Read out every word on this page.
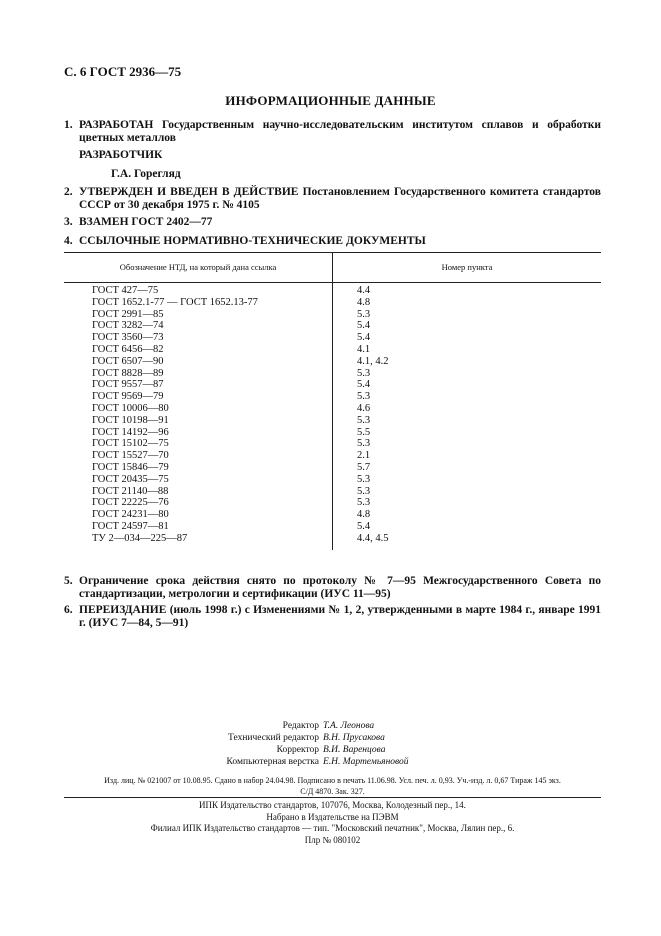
С. 6 ГОСТ 2936—75
ИНФОРМАЦИОННЫЕ ДАННЫЕ
1. РАЗРАБОТАН Государственным научно-исследовательским институтом сплавов и обработки цветных металлов
РАЗРАБОТЧИК
Г.А. Горегляд
2. УТВЕРЖДЕН И ВВЕДЕН В ДЕЙСТВИЕ Постановлением Государственного комитета стандартов СССР от 30 декабря 1975 г. № 4105
3. ВЗАМЕН ГОСТ 2402—77
4. ССЫЛОЧНЫЕ НОРМАТИВНО-ТЕХНИЧЕСКИЕ ДОКУМЕНТЫ
Обозначение НТД, на который дана ссылка	Номер пункта
ГОСТ 427—75	4.4
ГОСТ 1652.1-77 — ГОСТ 1652.13-77	4.8
ГОСТ 2991—85	5.3
ГОСТ 3282—74	5.4
ГОСТ 3560—73	5.4
ГОСТ 6456—82	4.1
ГОСТ 6507—90	4.1, 4.2
ГОСТ 8828—89	5.3
ГОСТ 9557—87	5.4
ГОСТ 9569—79	5.3
ГОСТ 10006—80	4.6
ГОСТ 10198—91	5.3
ГОСТ 14192—96	5.5
ГОСТ 15102—75	5.3
ГОСТ 15527—70	2.1
ГОСТ 15846—79	5.7
ГОСТ 20435—75	5.3
ГОСТ 21140—88	5.3
ГОСТ 22225—76	5.3
ГОСТ 24231—80	4.8
ГОСТ 24597—81	5.4
ТУ 2—034—225—87	4.4, 4.5
5. Ограничение срока действия снято по протоколу № 7—95 Межгосударственного Совета по стандартизации, метрологии и сертификации (ИУС 11—95)
6. ПЕРЕИЗДАНИЕ (июль 1998 г.) с Изменениями № 1, 2, утвержденными в марте 1984 г., январе 1991 г. (ИУС 7—84, 5—91)
Редактор Т.А. Леонова
Технический редактор В.Н. Прусакова
Корректор В.И. Варенцова
Компьютерная верстка Е.Н. Мартемьяновой
Изд. лиц. № 021007 от 10.08.95. Сдано в набор 24.04.98. Подписано в печать 11.06.98. Усл. печ. л. 0,93. Уч.-изд. л. 0,67 Тираж 145 экз.
С/Д 4870. Зак. 327.
ИПК Издательство стандартов, 107076, Москва, Колодезный пер., 14.
Набрано в Издательстве на ПЭВМ
Филиал ИПК Издательство стандартов — тип. "Московский печатник", Москва, Лялин пер., 6.
Плр № 080102
